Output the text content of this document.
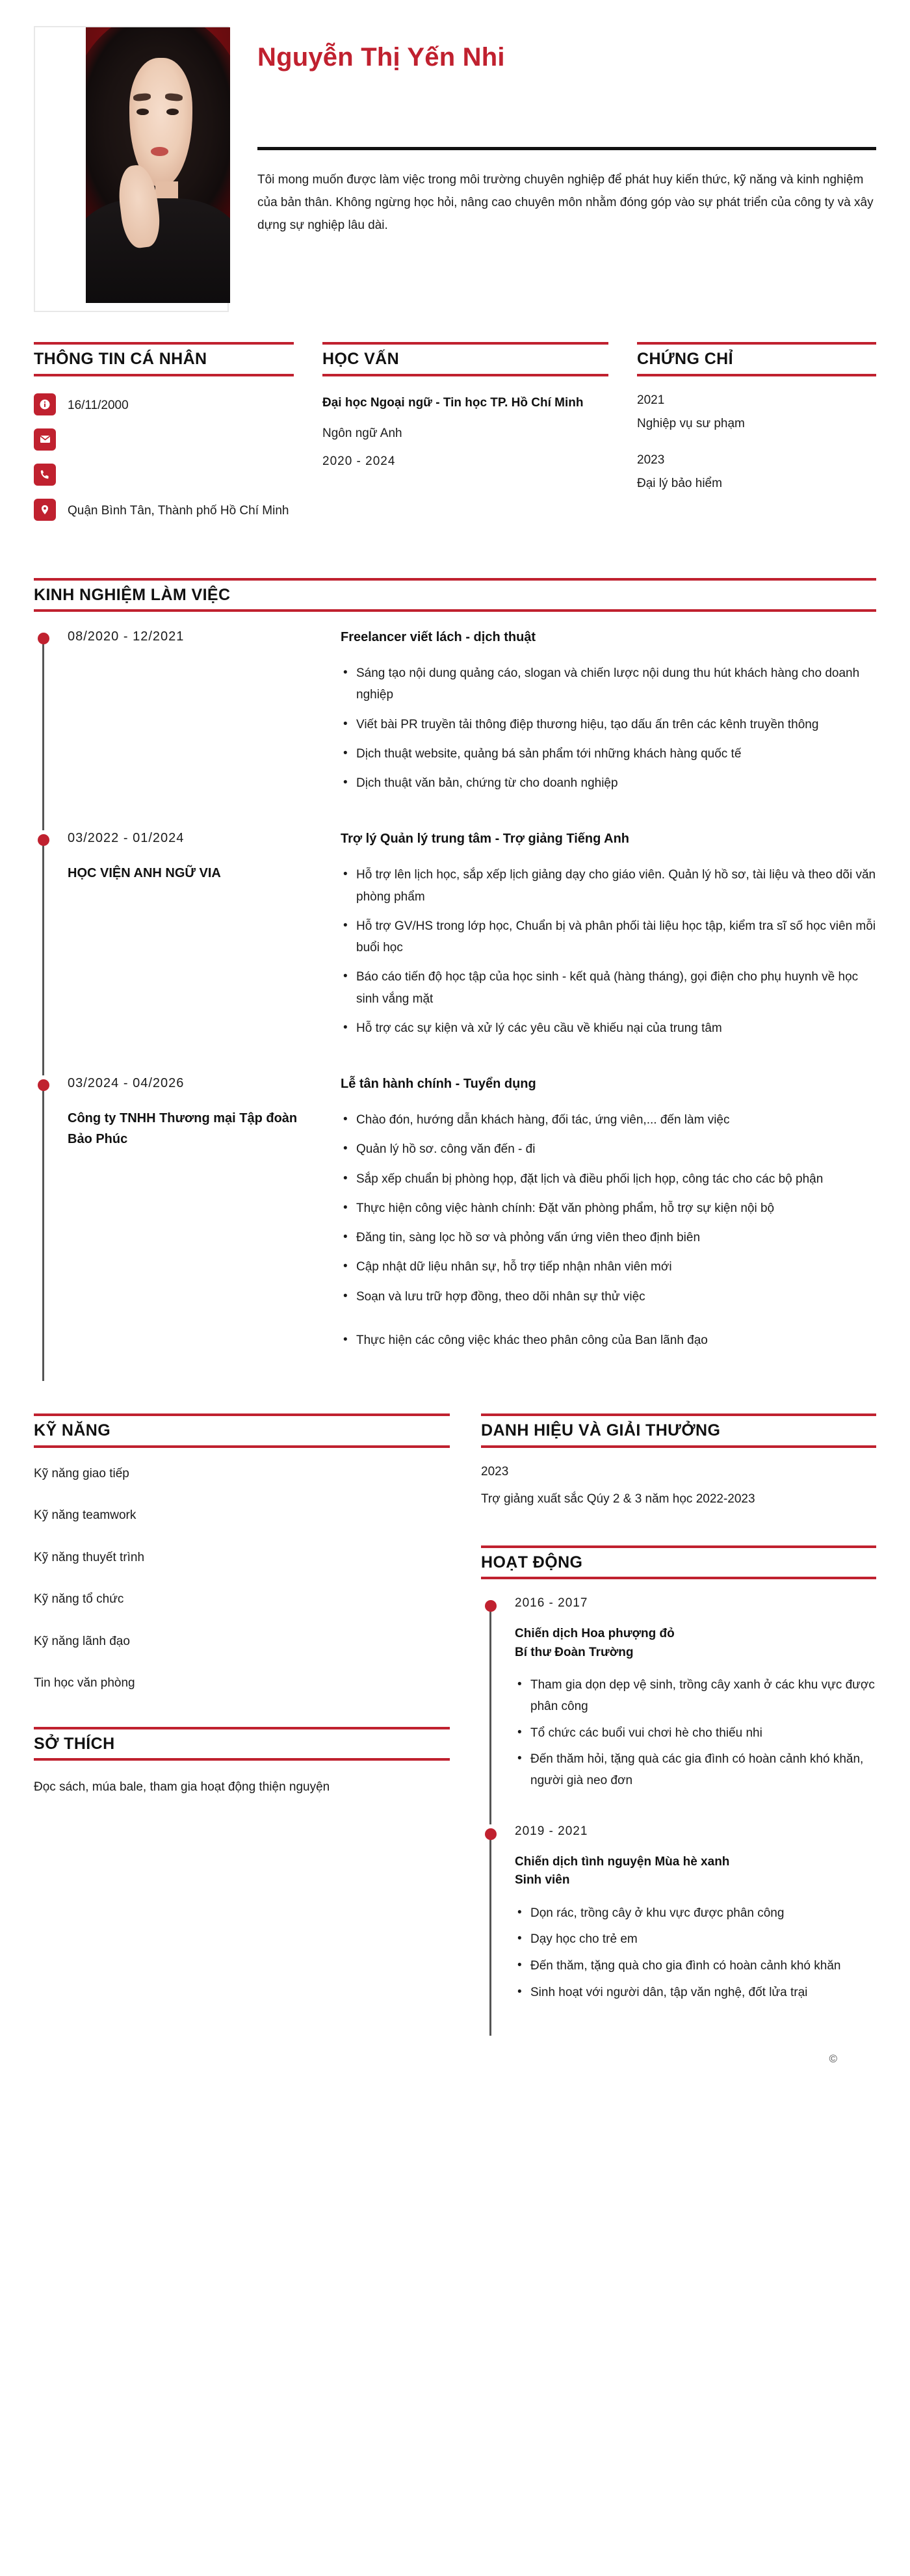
Nguyễn Thị Yến Nhi
Tôi mong muốn được làm việc trong môi trường chuyên nghiệp để phát huy kiến thức, kỹ năng và kinh nghiệm của bản thân. Không ngừng học hỏi, nâng cao chuyên môn nhằm đóng góp vào sự phát triển của công ty và xây dựng sự nghiệp lâu dài.
THÔNG TIN CÁ NHÂN
16/11/2000
Quận Bình Tân, Thành phố Hồ Chí Minh
HỌC VẤN
Đại học Ngoại ngữ - Tin học TP. Hồ Chí Minh
Ngôn ngữ Anh
2020 - 2024
CHỨNG CHỈ
2021
Nghiệp vụ sư phạm
2023
Đại lý bảo hiểm
KINH NGHIỆM LÀM VIỆC
08/2020 - 12/2021	Freelancer viết lách - dịch thuật
• Sáng tạo nội dung quảng cáo, slogan và chiến lược nội dung thu hút khách hàng cho doanh nghiệp
• Viết bài PR truyền tải thông điệp thương hiệu, tạo dấu ấn trên các kênh truyền thông
• Dịch thuật website, quảng bá sản phẩm tới những khách hàng quốc tế
• Dịch thuật văn bản, chứng từ cho doanh nghiệp
03/2022 - 01/2024
HỌC VIỆN ANH NGỮ VIA
Trợ lý Quản lý trung tâm - Trợ giảng Tiếng Anh
• Hỗ trợ lên lịch học, sắp xếp lịch giảng dạy cho giáo viên. Quản lý hồ sơ, tài liệu và theo dõi văn phòng phẩm
• Hỗ trợ GV/HS trong lớp học, Chuẩn bị và phân phối tài liệu học tập, kiểm tra sĩ số học viên mỗi buổi học
• Báo cáo tiến độ học tập của học sinh - kết quả (hàng tháng), gọi điện cho phụ huynh về học sinh vắng mặt
• Hỗ trợ các sự kiện và xử lý các yêu cầu về khiếu nại của trung tâm
03/2024 - 04/2026
Công ty TNHH Thương mại Tập đoàn Bảo Phúc
Lễ tân hành chính - Tuyển dụng
• Chào đón, hướng dẫn khách hàng, đối tác, ứng viên,... đến làm việc
• Quản lý hồ sơ. công văn đến - đi
• Sắp xếp chuẩn bị phòng họp, đặt lịch và điều phối lịch họp, công tác cho các bộ phận
• Thực hiện công việc hành chính: Đặt văn phòng phẩm, hỗ trợ sự kiện nội bộ
• Đăng tin, sàng lọc hồ sơ và phỏng vấn ứng viên theo định biên
• Cập nhật dữ liệu nhân sự, hỗ trợ tiếp nhận nhân viên mới
• Soạn và lưu trữ hợp đồng, theo dõi nhân sự thử việc
• Thực hiện các công việc khác theo phân công của Ban lãnh đạo
KỸ NĂNG
Kỹ năng giao tiếp
Kỹ năng teamwork
Kỹ năng thuyết trình
Kỹ năng tổ chức
Kỹ năng lãnh đạo
Tin học văn phòng
SỞ THÍCH
Đọc sách, múa bale, tham gia hoạt động thiện nguyện
DANH HIỆU VÀ GIẢI THƯỞNG
2023
Trợ giảng xuất sắc Qúy 2 & 3 năm học 2022-2023
HOẠT ĐỘNG
2016 - 2017
Chiến dịch Hoa phượng đỏ
Bí thư Đoàn Trường
• Tham gia dọn dẹp vệ sinh, trồng cây xanh ở các khu vực được phân công
• Tổ chức các buổi vui chơi hè cho thiếu nhi
• Đến thăm hỏi, tặng quà các gia đình có hoàn cảnh khó khăn, người già neo đơn
2019 - 2021
Chiến dịch tình nguyện Mùa hè xanh
Sinh viên
• Dọn rác, trồng cây ở khu vực được phân công
• Dạy học cho trẻ em
• Đến thăm, tặng quà cho gia đình có hoàn cảnh khó khăn
• Sinh hoạt với người dân, tập văn nghệ, đốt lửa trại
©
